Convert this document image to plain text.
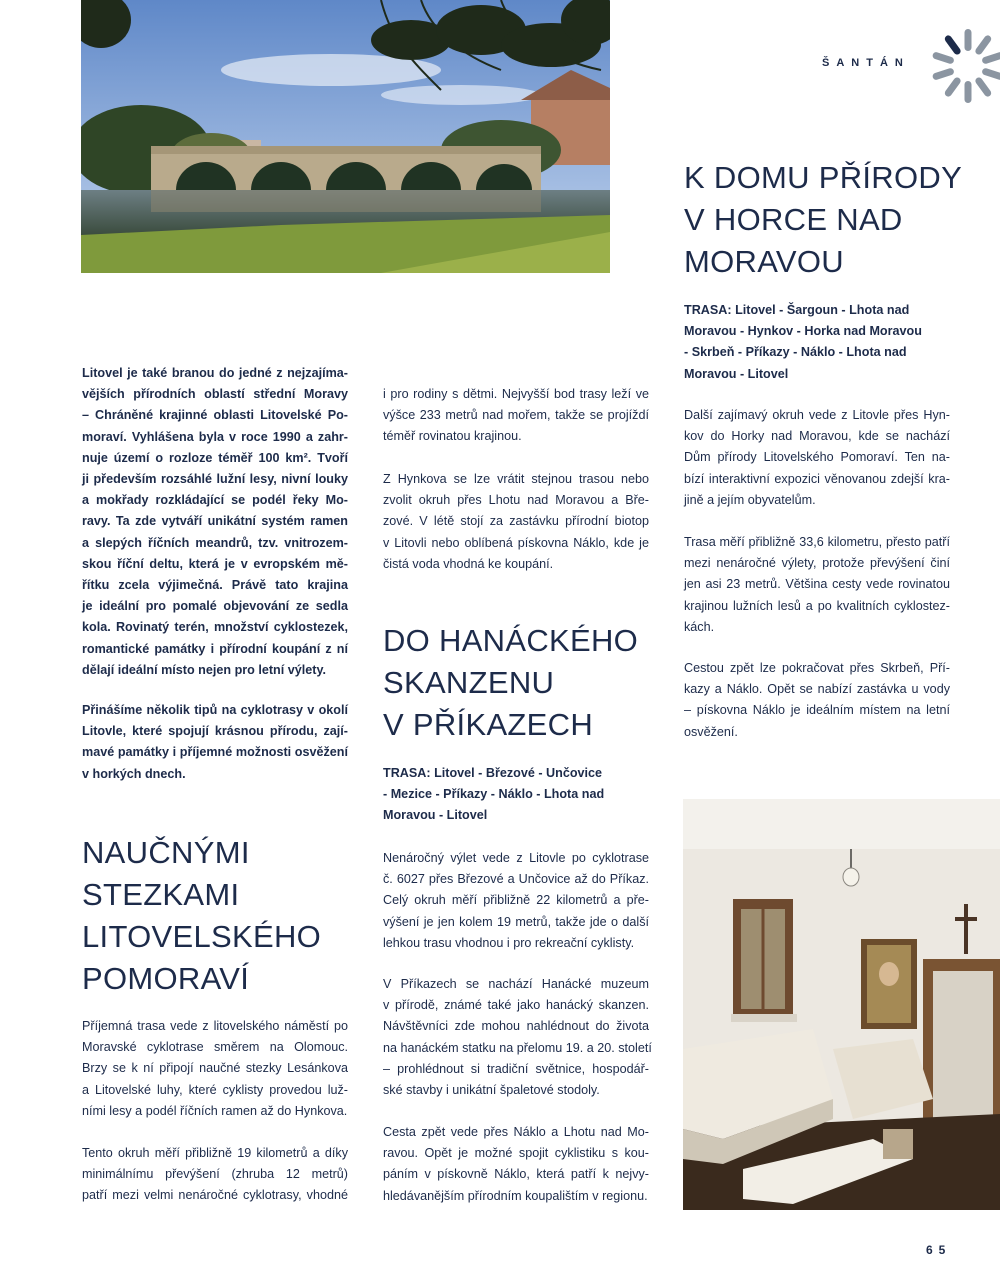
ŠANTÁN
Litovel je také branou do jedné z nejzajíma-
vějších přírodních oblastí střední Moravy
– Chráněné krajinné oblasti Litovelské Po-
moraví. Vyhlášena byla v roce 1990 a zahr-
nuje území o rozloze téměř 100 km². Tvoří
ji především rozsáhlé lužní lesy, nivní louky
a mokřady rozkládající se podél řeky Mo-
ravy. Ta zde vytváří unikátní systém ramen
a slepých říčních meandrů, tzv. vnitrozem-
skou říční deltu, která je v evropském mě-
řítku zcela výjimečná. Právě tato krajina
je ideální pro pomalé objevování ze sedla
kola. Rovinatý terén, množství cyklostezek,
romantické památky i přírodní koupání z ní
dělají ideální místo nejen pro letní výlety.
Přinášíme několik tipů na cyklotrasy v okolí
Litovle, které spojují krásnou přírodu, zají-
mavé památky i příjemné možnosti osvěžení
v horkých dnech.
NAUČNÝMI
STEZKAMI
LITOVELSKÉHO
POMORAVÍ
Příjemná trasa vede z litovelského náměstí po
Moravské cyklotrase směrem na Olomouc.
Brzy se k ní připojí naučné stezky Lesánkova
a Litovelské luhy, které cyklisty provedou luž-
ními lesy a podél říčních ramen až do Hynkova.
Tento okruh měří přibližně 19 kilometrů a díky
minimálnímu převýšení (zhruba 12 metrů)
patří mezi velmi nenáročné cyklotrasy, vhodné
i pro rodiny s dětmi. Nejvyšší bod trasy leží ve
výšce 233 metrů nad mořem, takže se projíždí
téměř rovinatou krajinou.
Z Hynkova se lze vrátit stejnou trasou nebo
zvolit okruh přes Lhotu nad Moravou a Bře-
zové. V létě stojí za zastávku přírodní biotop
v Litovli nebo oblíbená pískovna Náklo, kde je
čistá voda vhodná ke koupání.
DO HANÁCKÉHO
SKANZENU
V PŘÍKAZECH
TRASA: Litovel - Březové - Unčovice
- Mezice - Příkazy - Náklo - Lhota nad
Moravou - Litovel
Nenáročný výlet vede z Litovle po cyklotrase
č. 6027 přes Březové a Unčovice až do Příkaz.
Celý okruh měří přibližně 22 kilometrů a pře-
výšení je jen kolem 19 metrů, takže jde o další
lehkou trasu vhodnou i pro rekreační cyklisty.
V Příkazech se nachází Hanácké muzeum
v přírodě, známé také jako hanácký skanzen.
Návštěvníci zde mohou nahlédnout do života
na hanáckém statku na přelomu 19. a 20. století
– prohlédnout si tradiční světnice, hospodář-
ské stavby i unikátní špaletové stodoly.
Cesta zpět vede přes Náklo a Lhotu nad Mo-
ravou. Opět je možné spojit cyklistiku s kou-
páním v pískovně Náklo, která patří k nejvy-
hledávanějším přírodním koupalištím v regionu.
K DOMU PŘÍRODY
V HORCE NAD
MORAVOU
TRASA: Litovel - Šargoun - Lhota nad
Moravou - Hynkov - Horka nad Moravou
- Skrbeň - Příkazy - Náklo - Lhota nad
Moravou - Litovel
Další zajímavý okruh vede z Litovle přes Hyn-
kov do Horky nad Moravou, kde se nachází
Dům přírody Litovelského Pomoraví. Ten na-
bízí interaktivní expozici věnovanou zdejší kra-
jině a jejím obyvatelům.
Trasa měří přibližně 33,6 kilometru, přesto patří
mezi nenáročné výlety, protože převýšení činí
jen asi 23 metrů. Většina cesty vede rovinatou
krajinou lužních lesů a po kvalitních cyklostez-
kách.
Cestou zpět lze pokračovat přes Skrbeň, Pří-
kazy a Náklo. Opět se nabízí zastávka u vody
– pískovna Náklo je ideálním místem na letní
osvěžení.
65
